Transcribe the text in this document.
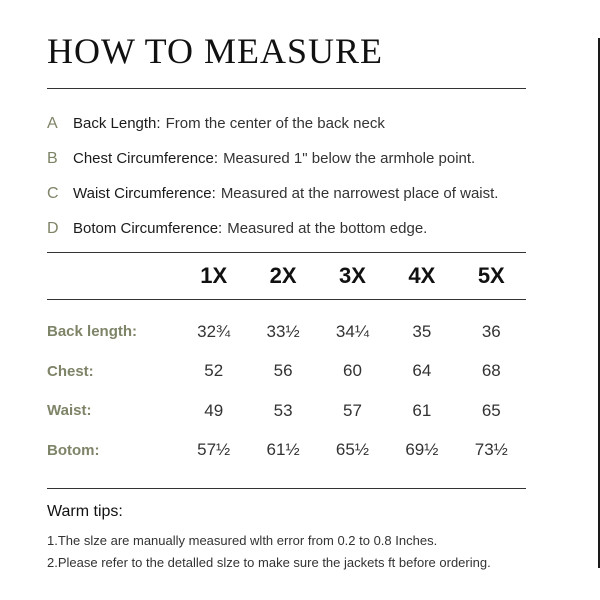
HOW TO MEASURE
A	Back Length: From the center of the back neck
B	Chest Circumference: Measured 1" below the armhole point.
C Waist Circumference: Measured at the narrowest place of waist.
D Botom Circumference: Measured at the bottom edge.
	1X	2X	3X	4X	5X

Back length:	32¾	33½	34¼	35	36
Chest:	52	56	60	64	68
Waist:	49	53	57	61	65
Botom:	57½	61½	65½	69½	73½
Warm tips:
1.The slze are manually measured wlth error from 0.2 to 0.8 Inches.
2.Please refer to the detalled slze to make sure the jackets ft before ordering.
